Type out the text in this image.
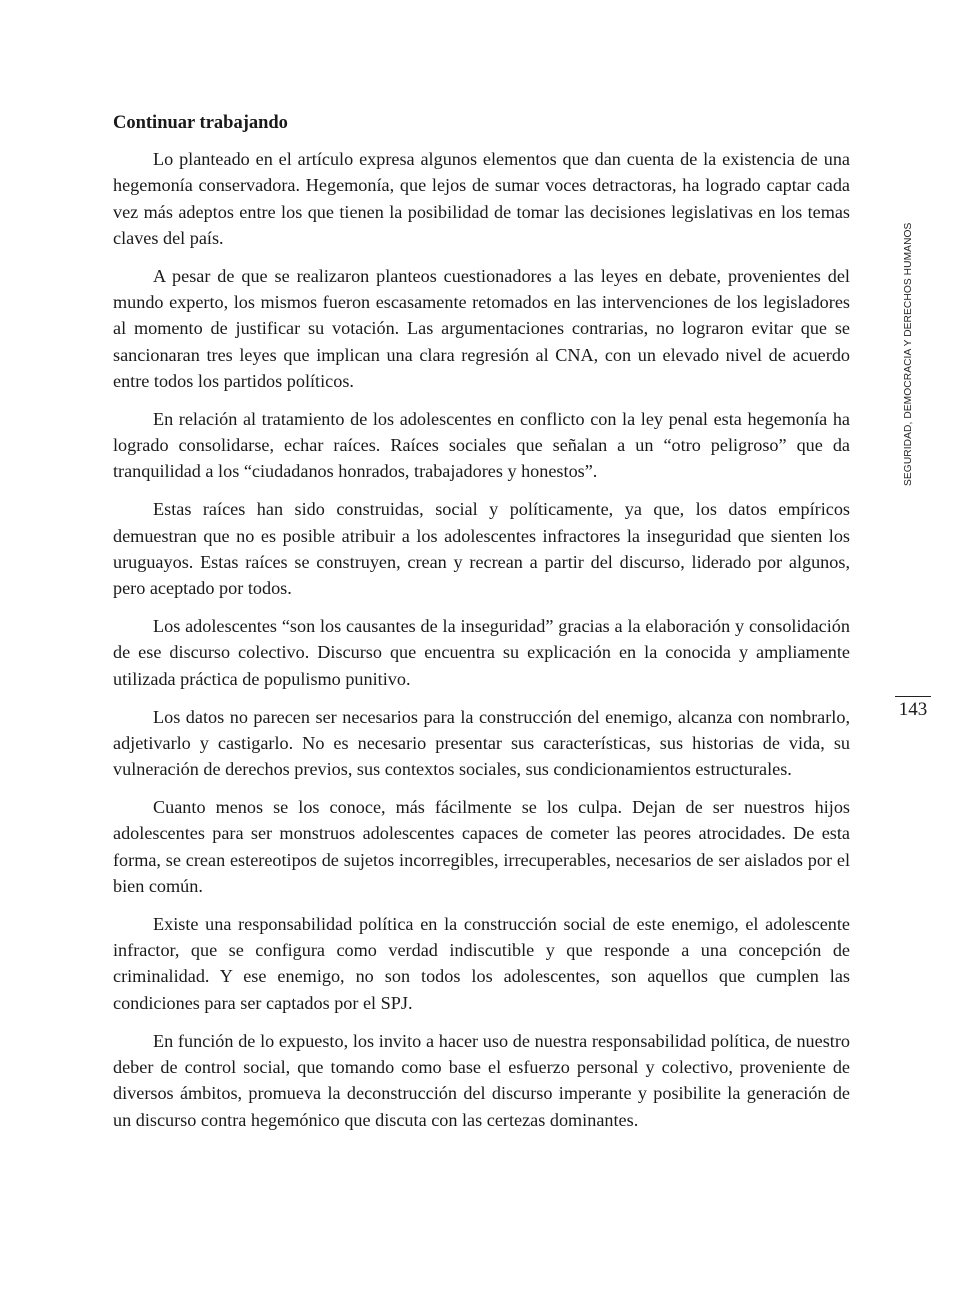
Continuar trabajando

Lo planteado en el artículo expresa algunos elementos que dan cuenta de la existencia de una hegemonía conservadora. Hegemonía, que lejos de sumar voces detractoras, ha logrado captar cada vez más adeptos entre los que tienen la posibilidad de tomar las decisiones legislativas en los temas claves del país.

A pesar de que se realizaron planteos cuestionadores a las leyes en debate, provenientes del mundo experto, los mismos fueron escasamente retomados en las intervenciones de los legisladores al momento de justificar su votación. Las argumentaciones contrarias, no lograron evitar que se sancionaran tres leyes que implican una clara regresión al CNA, con un elevado nivel de acuerdo entre todos los partidos políticos.

En relación al tratamiento de los adolescentes en conflicto con la ley penal esta hegemonía ha logrado consolidarse, echar raíces. Raíces sociales que señalan a un “otro peligroso” que da tranquilidad a los “ciudadanos honrados, trabajadores y honestos”.

Estas raíces han sido construidas, social y políticamente, ya que, los datos empíricos demuestran que no es posible atribuir a los adolescentes infractores la inseguridad que sienten los uruguayos. Estas raíces se construyen, crean y recrean a partir del discurso, liderado por algunos, pero aceptado por todos.

Los adolescentes “son los causantes de la inseguridad” gracias a la elaboración y consolidación de ese discurso colectivo. Discurso que encuentra su explicación en la conocida y ampliamente utilizada práctica de populismo punitivo.

Los datos no parecen ser necesarios para la construcción del enemigo, alcanza con nombrarlo, adjetivarlo y castigarlo. No es necesario presentar sus características, sus historias de vida, su vulneración de derechos previos, sus contextos sociales, sus condicionamientos estructurales.

Cuanto menos se los conoce, más fácilmente se los culpa. Dejan de ser nuestros hijos adolescentes para ser monstruos adolescentes capaces de cometer las peores atrocidades. De esta forma, se crean estereotipos de sujetos incorregibles, irrecuperables, necesarios de ser aislados por el bien común.

Existe una responsabilidad política en la construcción social de este enemigo, el adolescente infractor, que se configura como verdad indiscutible y que responde a una concepción de criminalidad. Y ese enemigo, no son todos los adolescentes, son aquellos que cumplen las condiciones para ser captados por el SPJ.

En función de lo expuesto, los invito a hacer uso de nuestra responsabilidad política, de nuestro deber de control social, que tomando como base el esfuerzo personal y colectivo, proveniente de diversos ámbitos, promueva la deconstrucción del discurso imperante y posibilite la generación de un discurso contra hegemónico que discuta con las certezas dominantes.

SEGURIDAD, DEMOCRACIA Y DERECHOS HUMANOS
143
